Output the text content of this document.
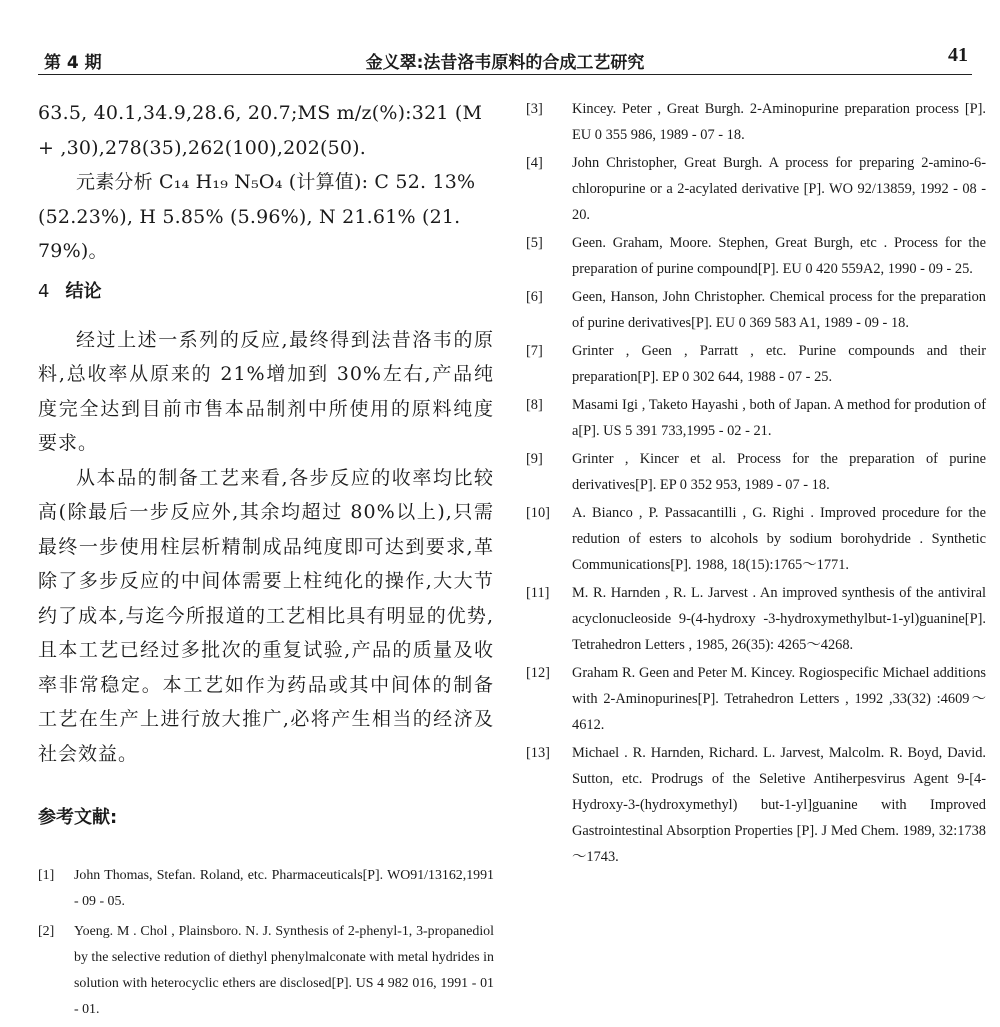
第 4 期	金义翠:法昔洛韦原料的合成工艺研究	41
63.5, 40.1,34.9,28.6, 20.7;MS m/z(%):321 (M
+ ,30),278(35),262(100),202(50).
元素分析 C₁₄ H₁₉ N₅O₄ (计算值): C 52. 13%
(52.23%), H 5.85% (5.96%), N 21.61% (21.
79%)。
4 结论

经过上述一系列的反应,最终得到法昔洛韦的原料,总收率从原来的 21%增加到 30%左右,产品纯度完全达到目前市售本品制剂中所使用的原料纯度要求。

从本品的制备工艺来看,各步反应的收率均比较高(除最后一步反应外,其余均超过 80%以上),只需最终一步使用柱层析精制成品纯度即可达到要求,革除了多步反应的中间体需要上柱纯化的操作,大大节约了成本,与迄今所报道的工艺相比具有明显的优势,且本工艺已经过多批次的重复试验,产品的质量及收率非常稳定。本工艺如作为药品或其中间体的制备工艺在生产上进行放大推广,必将产生相当的经济及社会效益。

参考文献:
[1] John Thomas, Stefan. Roland, etc. Pharmaceuticals[P]. WO91/13162,1991 - 09 - 05.
[2] Yoeng. M . Chol , Plainsboro. N. J. Synthesis of 2-phenyl-1, 3-propanediol by the selective redution of diethyl phenylmalconate with metal hydrides in solution with heterocyclic ethers are disclosed[P]. US 4 982 016, 1991 - 01 - 01.
[3] Kincey. Peter , Great Burgh. 2-Aminopurine preparation process [P]. EU 0 355 986, 1989 - 07 - 18.
[4] John Christopher, Great Burgh. A process for preparing 2-amino-6-chloropurine or a 2-acylated derivative [P]. WO 92/13859, 1992 - 08 - 20.
[5] Geen. Graham, Moore. Stephen, Great Burgh, etc . Process for the preparation of purine compound[P]. EU 0 420 559A2, 1990 - 09 - 25.
[6] Geen, Hanson, John Christopher. Chemical process for the preparation of purine derivatives[P]. EU 0 369 583 A1, 1989 - 09 - 18.
[7] Grinter , Geen , Parratt , etc. Purine compounds and their preparation[P]. EP 0 302 644, 1988 - 07 - 25.
[8] Masami Igi , Taketo Hayashi , both of Japan. A method for prodution of a[P]. US 5 391 733,1995 - 02 - 21.
[9] Grinter , Kincer et al. Process for the preparation of purine derivatives[P]. EP 0 352 953, 1989 - 07 - 18.
[10] A. Bianco , P. Passacantilli , G. Righi . Improved procedure for the redution of esters to alcohols by sodium borohydride . Synthetic Communications[P]. 1988, 18(15):1765～1771.
[11] M. R. Harnden , R. L. Jarvest . An improved synthesis of the antiviral acyclonucleoside 9-(4-hydroxy -3-hydroxymethylbut-1-yl)guanine[P]. Tetrahedron Letters , 1985, 26(35): 4265～4268.
[12] Graham R. Geen and Peter M. Kincey. Rogiospecific Michael additions with 2-Aminopurines[P]. Tetrahedron Letters , 1992 ,33(32) :4609～4612.
[13] Michael . R. Harnden, Richard. L. Jarvest, Malcolm. R. Boyd, David. Sutton, etc. Prodrugs of the Seletive Antiherpesvirus Agent 9-[4-Hydroxy-3-(hydroxymethyl) but-1-yl]guanine with Improved Gastrointestinal Absorption Properties [P]. J Med Chem. 1989, 32:1738～1743.
